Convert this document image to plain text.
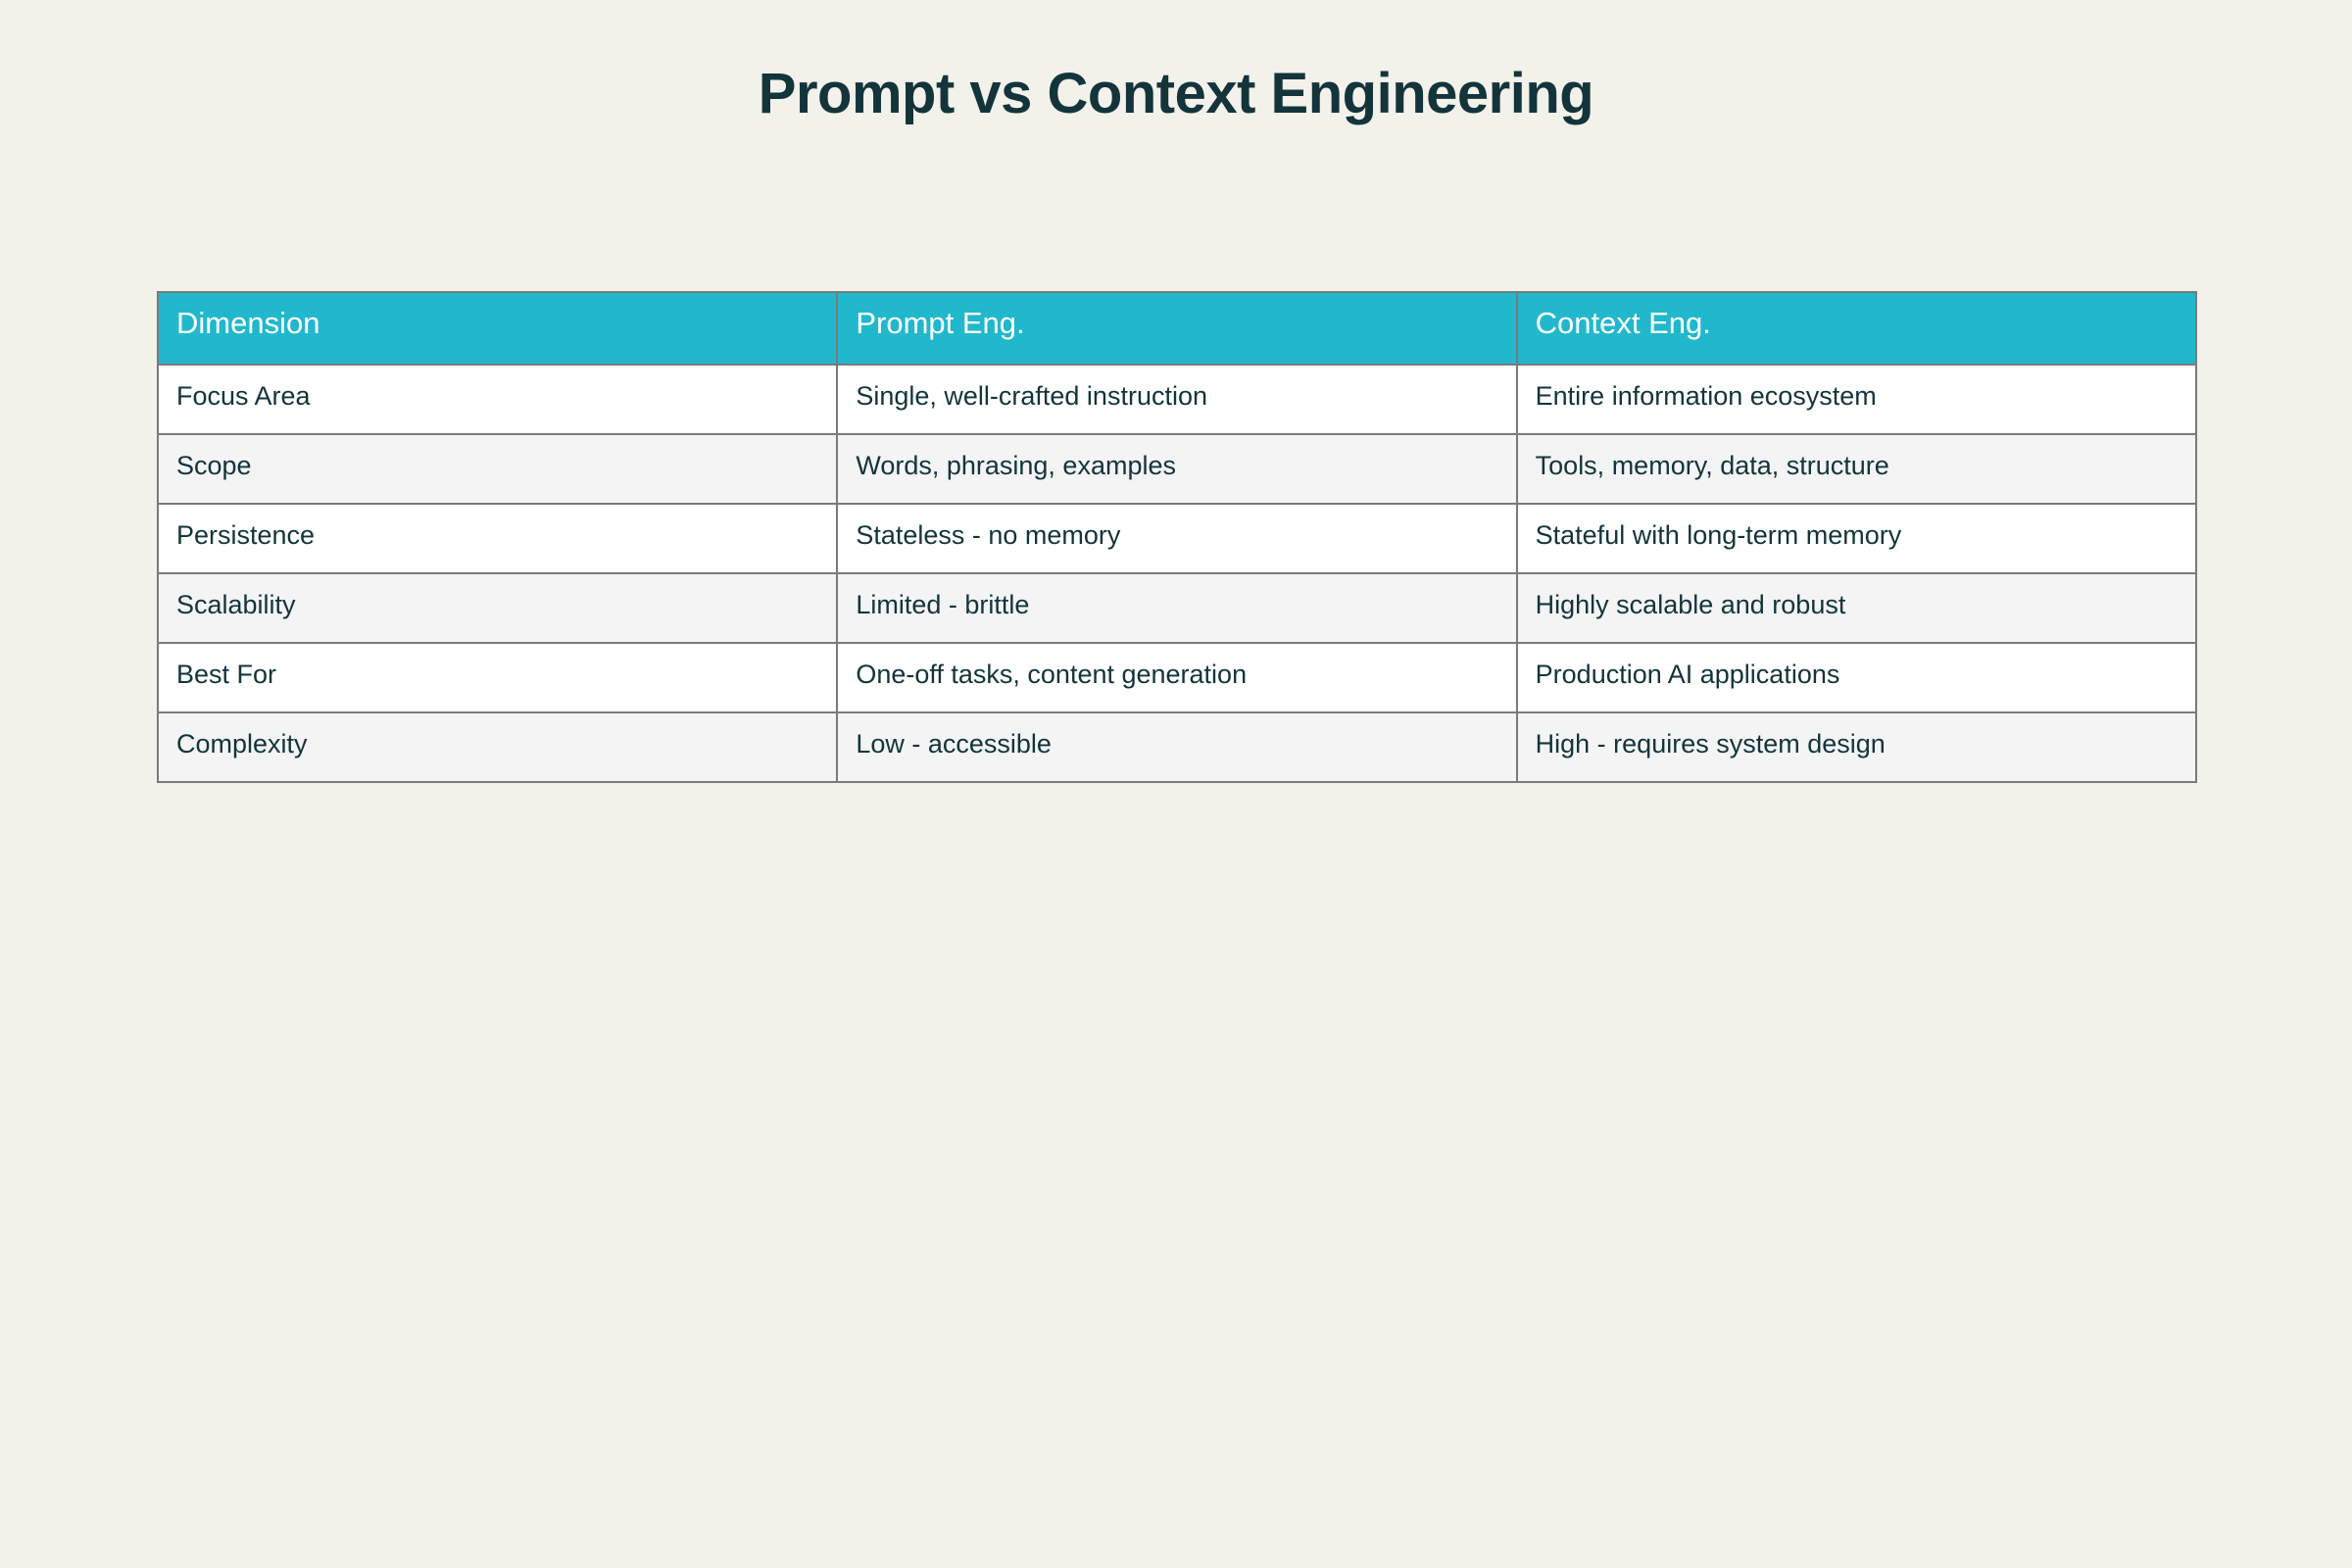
Prompt vs Context Engineering
Dimension	Prompt Eng.	Context Eng.
Focus Area	Single, well-crafted instruction	Entire information ecosystem
Scope	Words, phrasing, examples	Tools, memory, data, structure
Persistence	Stateless - no memory	Stateful with long-term memory
Scalability	Limited - brittle	Highly scalable and robust
Best For	One-off tasks, content generation	Production AI applications
Complexity	Low - accessible	High - requires system design
